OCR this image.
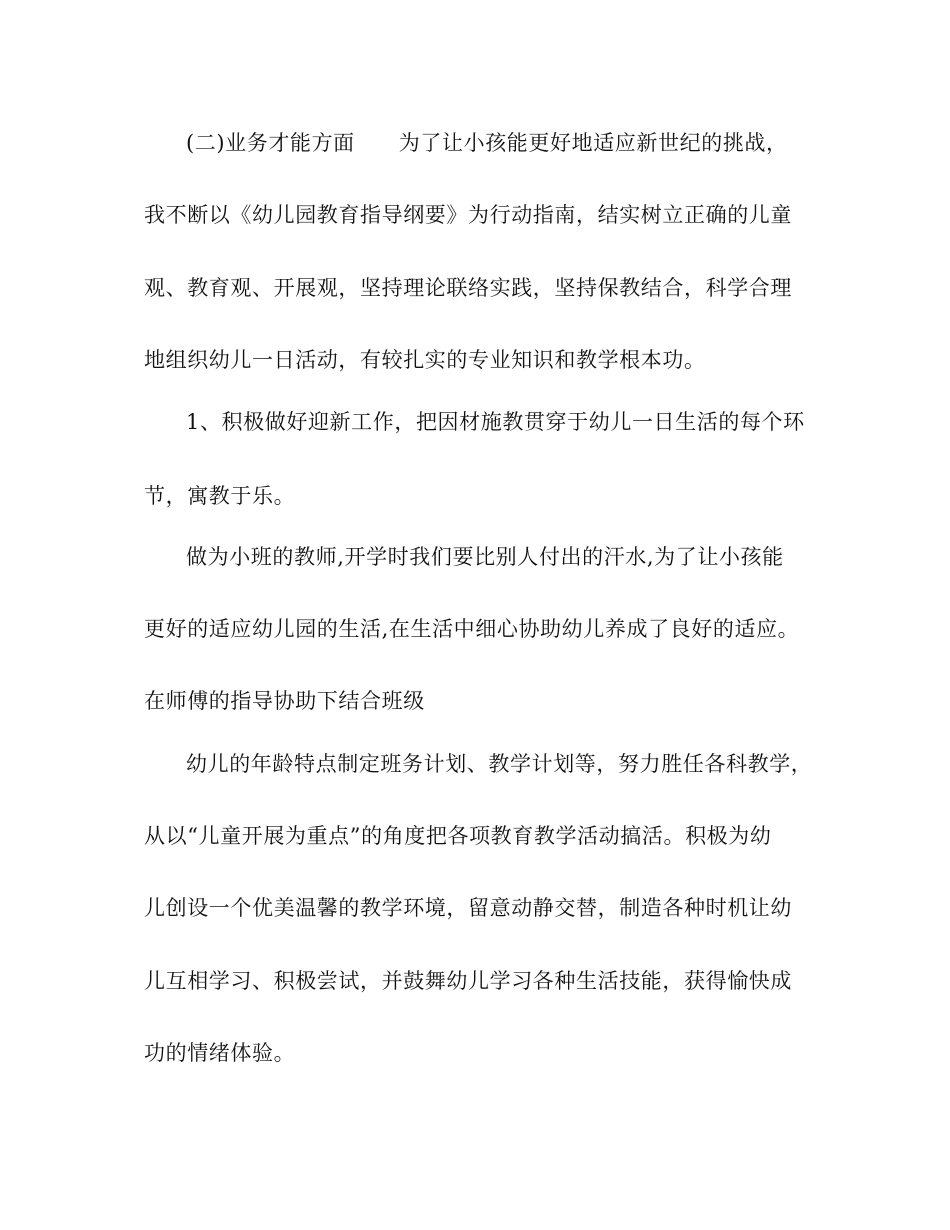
(二)业务才能方面 为了让小孩能更好地适应新世纪的挑战，
我不断以《幼儿园教育指导纲要》为行动指南，结实树立正确的儿童
观、教育观、开展观，坚持理论联络实践，坚持保教结合，科学合理
地组织幼儿一日活动，有较扎实的专业知识和教学根本功。
1、积极做好迎新工作，把因材施教贯穿于幼儿一日生活的每个环
节，寓教于乐。
做为小班的教师,开学时我们要比别人付出的汗水,为了让小孩能
更好的适应幼儿园的生活,在生活中细心协助幼儿养成了良好的适应。
在师傅的指导协助下结合班级
幼儿的年龄特点制定班务计划、教学计划等，努力胜任各科教学，
从以“儿童开展为重点”的角度把各项教育教学活动搞活。积极为幼
儿创设一个优美温馨的教学环境，留意动静交替，制造各种时机让幼
儿互相学习、积极尝试，并鼓舞幼儿学习各种生活技能，获得愉快成
功的情绪体验。
